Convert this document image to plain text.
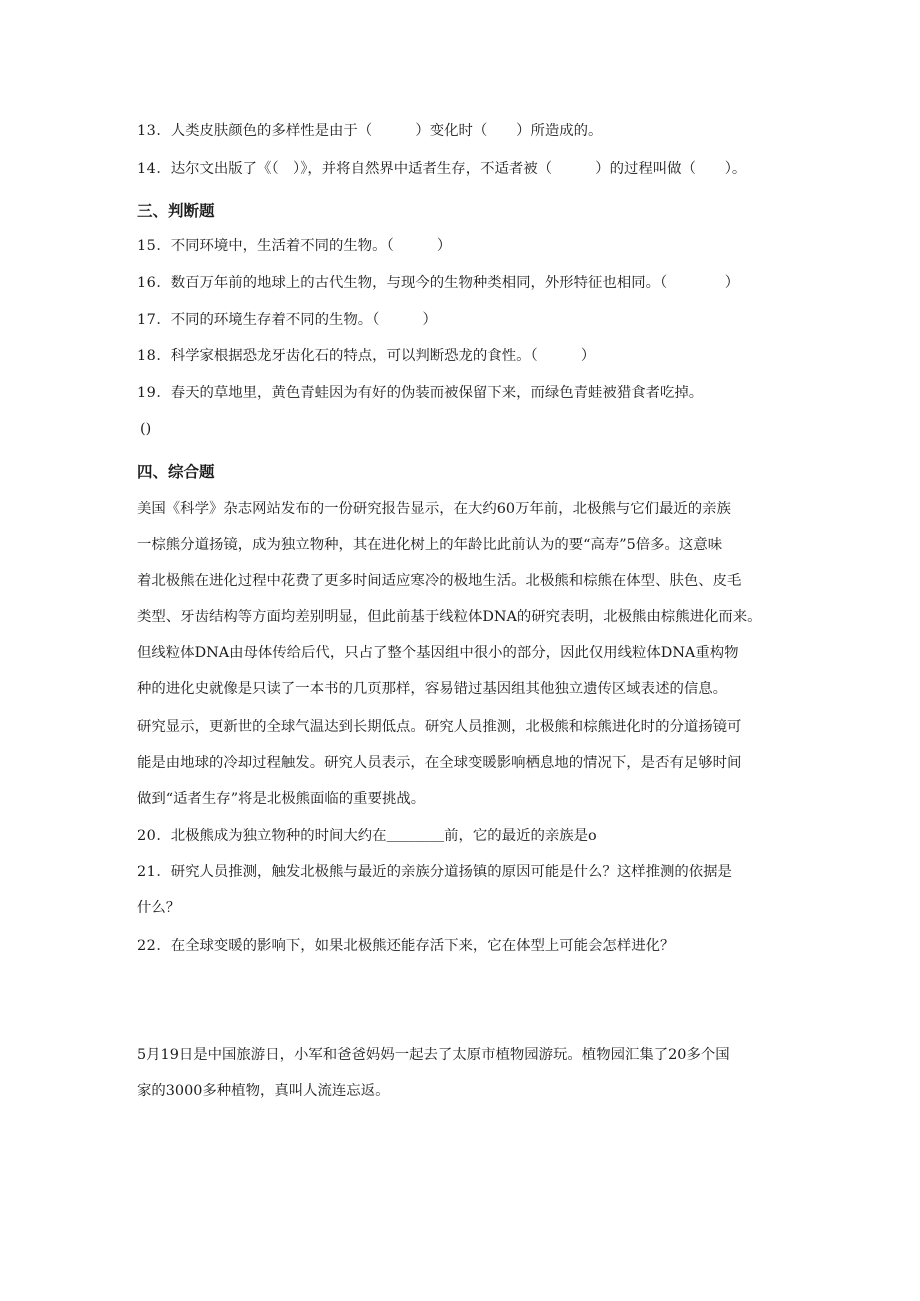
13．人类皮肤颜色的多样性是由于（　　　）变化时（　　）所造成的。
14．达尔文出版了《（　）》，并将自然界中适者生存，不适者被（　　　）的过程叫做（　　）。
三、判断题
15．不同环境中，生活着不同的生物。（　　　）
16．数百万年前的地球上的古代生物，与现今的生物种类相同，外形特征也相同。（　　　　）
17．不同的环境生存着不同的生物。（　　　）
18．科学家根据恐龙牙齿化石的特点，可以判断恐龙的食性。（　　　）
19．春天的草地里，黄色青蛙因为有好的伪装而被保留下来，而绿色青蛙被猎食者吃掉。
()
四、综合题
美国《科学》杂志网站发布的一份研究报告显示，在大约60万年前，北极熊与它们最近的亲族
一棕熊分道扬镜，成为独立物种，其在进化树上的年龄比此前认为的要“高寿”5倍多。这意味
着北极熊在进化过程中花费了更多时间适应寒冷的极地生活。北极熊和棕熊在体型、肤色、皮毛
类型、牙齿结构等方面均差别明显，但此前基于线粒体DNA的研究表明，北极熊由棕熊进化而来。
但线粒体DNA由母体传给后代，只占了整个基因组中很小的部分，因此仅用线粒体DNA重构物
种的进化史就像是只读了一本书的几页那样，容易错过基因组其他独立遗传区域表述的信息。
研究显示，更新世的全球气温达到长期低点。研究人员推测，北极熊和棕熊进化时的分道扬镜可
能是由地球的冷却过程触发。研究人员表示，在全球变暖影响栖息地的情况下，是否有足够时间
做到“适者生存”将是北极熊面临的重要挑战。
20．北极熊成为独立物种的时间大约在＿＿＿＿前，它的最近的亲族是o
21．研究人员推测，触发北极熊与最近的亲族分道扬镇的原因可能是什么？这样推测的依据是
什么？
22．在全球变暖的影响下，如果北极熊还能存活下来，它在体型上可能会怎样进化？
5月19日是中国旅游日，小军和爸爸妈妈一起去了太原市植物园游玩。植物园汇集了20多个国
家的3000多种植物，真叫人流连忘返。
